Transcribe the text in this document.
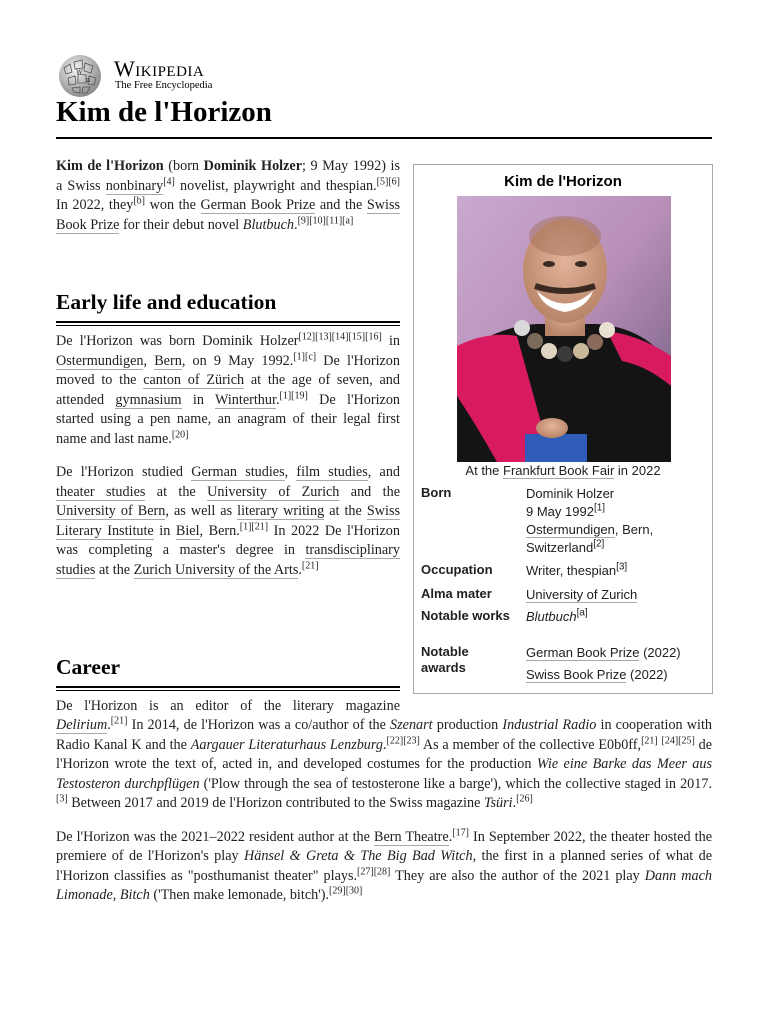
W
Ω Wikipedia
The Free Encyclopedia
Kim de l'Horizon

Kim de l'Horizon (born Dominik Holzer; 9 May 1992) is a Swiss nonbinary[4] novelist, playwright and thespian.[5][6] In 2022, they[b] won the German Book Prize and the Swiss Book Prize for their debut novel Blutbuch.[9][10][11][a]

Early life and education

De l'Horizon was born Dominik Holzer[12][13][14][15][16] in Ostermundigen, Bern, on 9 May 1992.[1][c] De l'Horizon moved to the canton of Zürich at the age of seven, and attended gymnasium in Winterthur.[1][19] De l'Horizon started using a pen name, an anagram of their legal first name and last name.[20]

De l'Horizon studied German studies, film studies, and theater studies at the University of Zurich and the University of Bern, as well as literary writing at the Swiss Literary Institute in Biel, Bern.[1][21] In 2022 De l'Horizon was completing a master's degree in transdisciplinary studies at the Zurich University of the Arts.[21]

Career

De l'Horizon is an editor of the literary magazine

Delirium.[21] In 2014, de l'Horizon was a co/author of the Szenart production Industrial Radio in cooperation with Radio Kanal K and the Aargauer Literaturhaus Lenzburg.[22][23] As a member of the collective E0b0ff,[21] [24][25] de l'Horizon wrote the text of, acted in, and developed costumes for the production Wie eine Barke das Meer aus Testosteron durchpflügen ('Plow through the sea of testosterone like a barge'), which the collective staged in 2017.[3] Between 2017 and 2019 de l'Horizon contributed to the Swiss magazine Tsüri.[26]

De l'Horizon was the 2021–2022 resident author at the Bern Theatre.[17] In September 2022, the theater hosted the premiere of de l'Horizon's play Hänsel & Greta & The Big Bad Witch, the first in a planned series of what de l'Horizon classifies as "posthumanist theater" plays.[27][28] They are also the author of the 2021 play Dann mach Limonade, Bitch ('Then make lemonade, bitch').[29][30]

Kim de l'Horizon
At the Frankfurt Book Fair in 2022
Born	Dominik Holzer
9 May 1992[1]
Ostermundigen, Bern,
Switzerland[2]
Occupation	Writer, thespian[3]
Alma mater	University of Zurich
Notable works	Blutbuch[a]
Notable awards
German Book Prize (2022)
Swiss Book Prize (2022)
